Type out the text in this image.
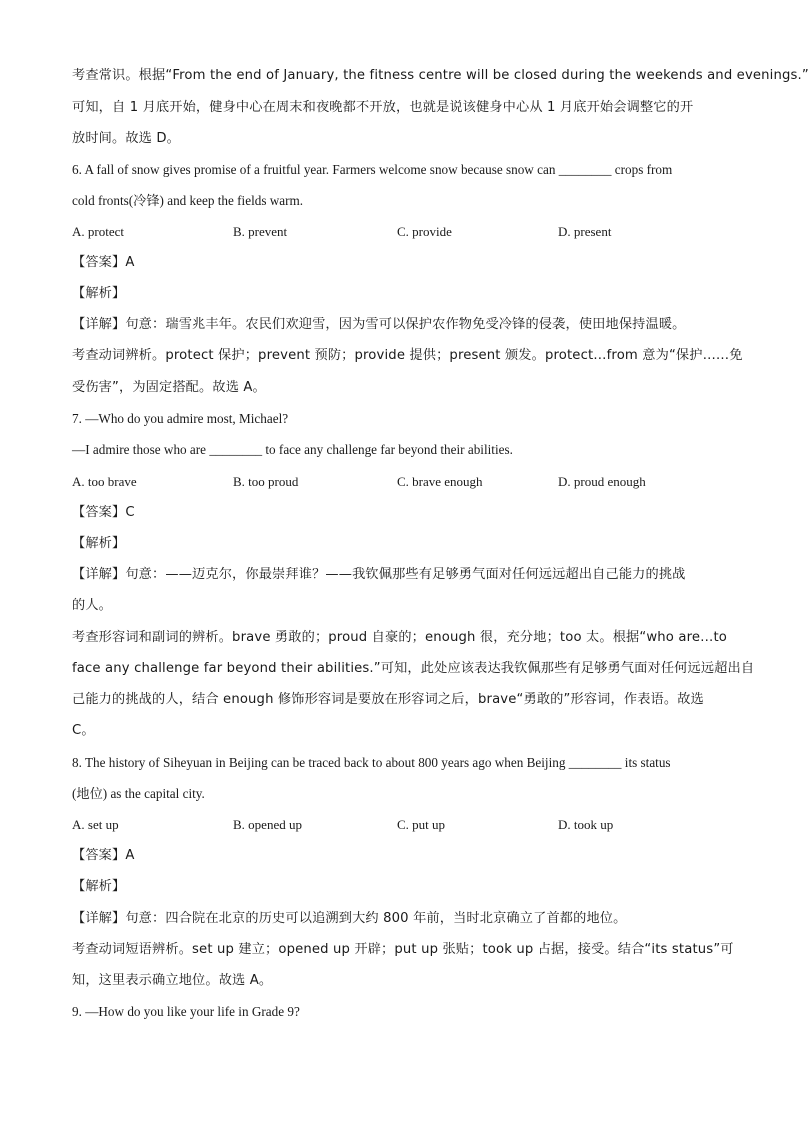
考查常识。根据“From the end of January, the fitness centre will be closed during the weekends and evenings.”
可知，自 1 月底开始，健身中心在周末和夜晚都不开放，也就是说该健身中心从 1 月底开始会调整它的开
放时间。故选 D。
6. A fall of snow gives promise of a fruitful year. Farmers welcome snow because snow can ________ crops from
cold fronts(冷锋) and keep the fields warm.
A. protect	B. prevent	C. provide	D. present
【答案】A
【解析】
【详解】句意：瑞雪兆丰年。农民们欢迎雪，因为雪可以保护农作物免受冷锋的侵袭，使田地保持温暖。
考查动词辨析。protect 保护；prevent 预防；provide 提供；present 颁发。protect…from 意为“保护……免
受伤害”，为固定搭配。故选 A。
7. —Who do you admire most, Michael?
—I admire those who are ________ to face any challenge far beyond their abilities.
A. too brave	B. too proud	C. brave enough	D. proud enough
【答案】C
【解析】
【详解】句意：——迈克尔，你最崇拜谁？——我钦佩那些有足够勇气面对任何远远超出自己能力的挑战
的人。
考查形容词和副词的辨析。brave 勇敢的；proud 自豪的；enough 很，充分地；too 太。根据“who are…to
face any challenge far beyond their abilities.”可知，此处应该表达我钦佩那些有足够勇气面对任何远远超出自
己能力的挑战的人，结合 enough 修饰形容词是要放在形容词之后，brave“勇敢的”形容词，作表语。故选
C。
8. The history of Siheyuan in Beijing can be traced back to about 800 years ago when Beijing ________ its status
(地位) as the capital city.
A. set up	B. opened up	C. put up	D. took up
【答案】A
【解析】
【详解】句意：四合院在北京的历史可以追溯到大约 800 年前，当时北京确立了首都的地位。
考查动词短语辨析。set up 建立；opened up 开辟；put up 张贴；took up 占据，接受。结合“its status”可
知，这里表示确立地位。故选 A。
9. —How do you like your life in Grade 9?
